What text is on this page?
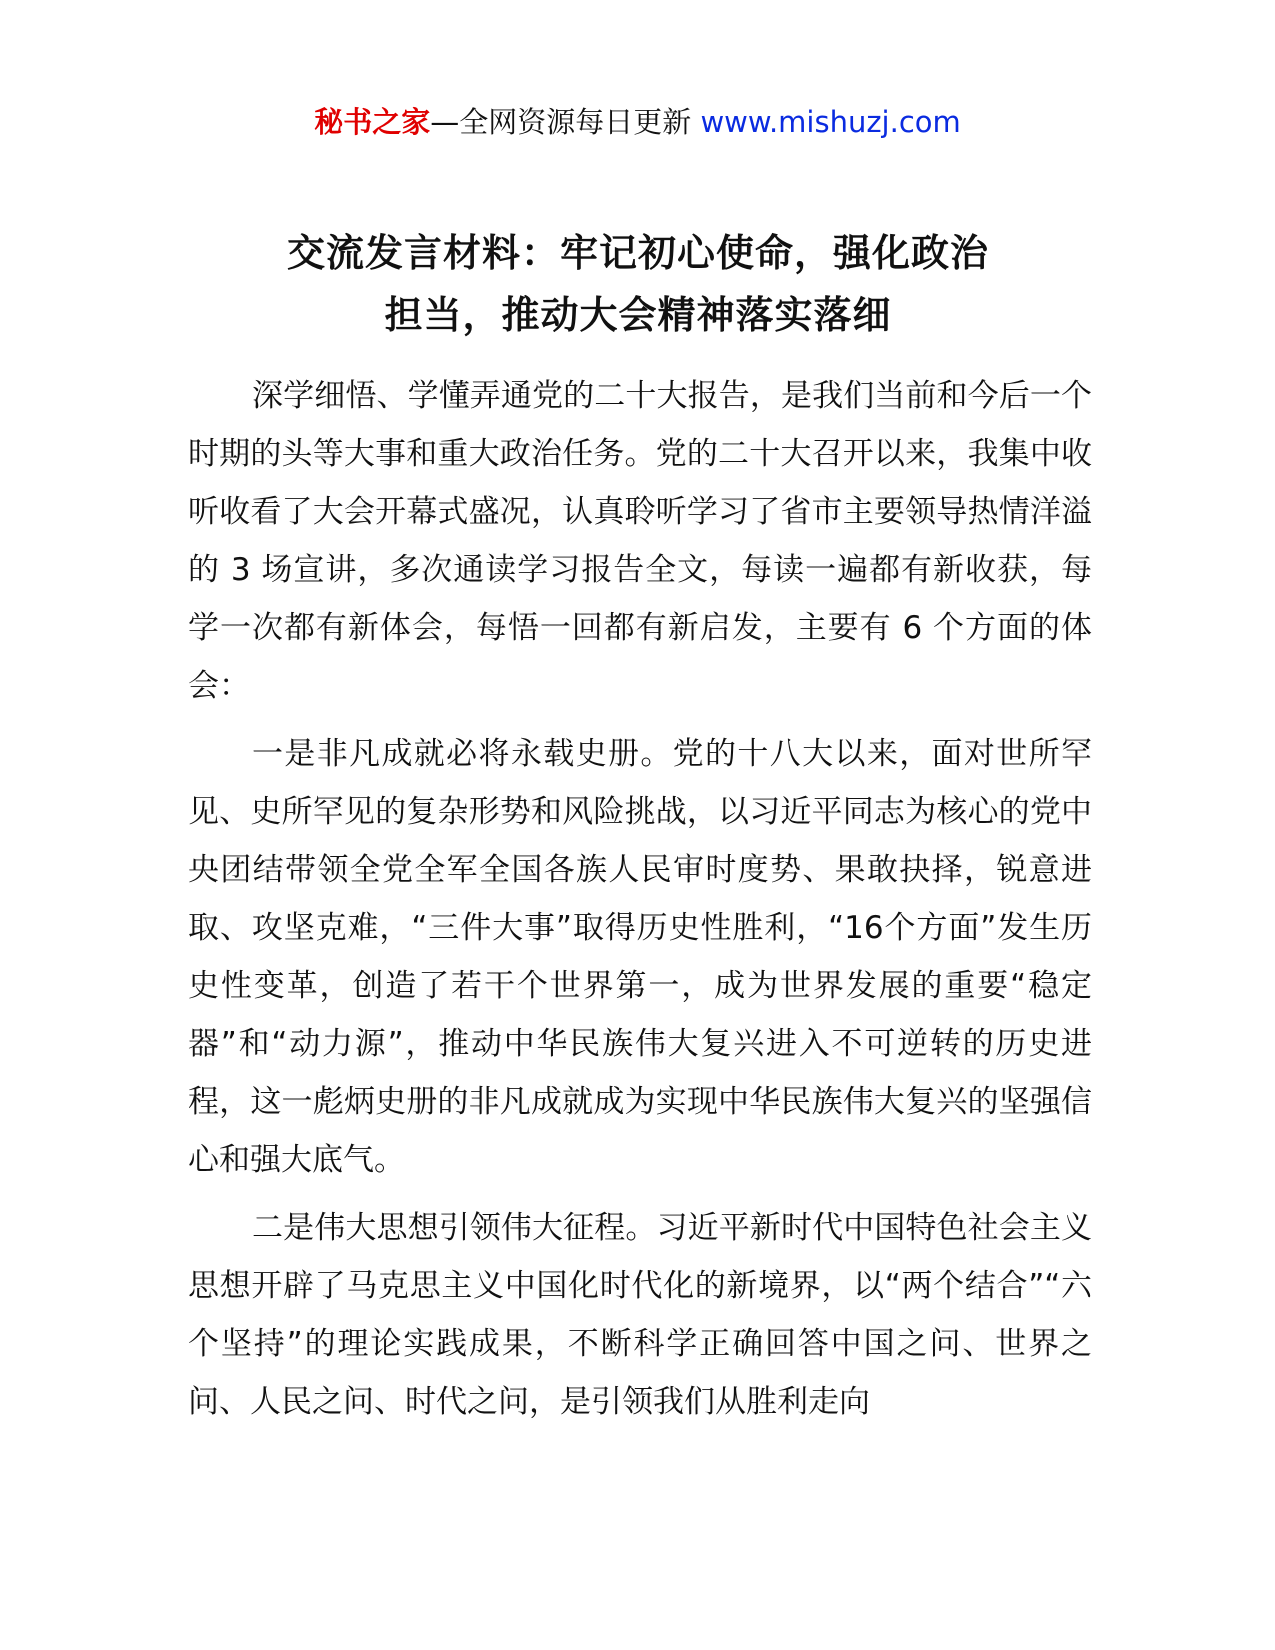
秘书之家—全网资源每日更新 www.mishuzj.com
交流发言材料：牢记初心使命，强化政治
担当，推动大会精神落实落细

深学细悟、学懂弄通党的二十大报告，是我们当前和今后一个时期的头等大事和重大政治任务。党的二十大召开以来，我集中收听收看了大会开幕式盛况，认真聆听学习了省市主要领导热情洋溢的 3 场宣讲，多次通读学习报告全文，每读一遍都有新收获，每学一次都有新体会，每悟一回都有新启发，主要有 6 个方面的体会：

一是非凡成就必将永载史册。党的十八大以来，面对世所罕见、史所罕见的复杂形势和风险挑战，以习近平同志为核心的党中央团结带领全党全军全国各族人民审时度势、果敢抉择，锐意进取、攻坚克难，“三件大事”取得历史性胜利，“16个方面”发生历史性变革，创造了若干个世界第一，成为世界发展的重要“稳定器”和“动力源”，推动中华民族伟大复兴进入不可逆转的历史进程，这一彪炳史册的非凡成就成为实现中华民族伟大复兴的坚强信心和强大底气。

二是伟大思想引领伟大征程。习近平新时代中国特色社会主义思想开辟了马克思主义中国化时代化的新境界，以“两个结合”“六个坚持”的理论实践成果，不断科学正确回答中国之问、世界之问、人民之问、时代之问，是引领我们从胜利走向
